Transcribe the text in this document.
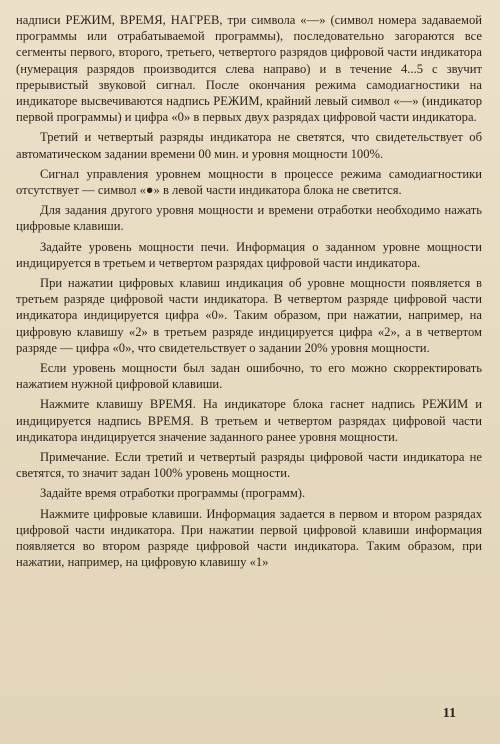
надписи РЕЖИМ, ВРЕМЯ, НАГРЕВ, три символа «—» (символ номера задаваемой программы или отрабатываемой программы), последовательно загораются все сегменты первого, второго, третьего, четвертого разрядов цифровой части индикатора (нумерация разрядов производится слева направо) и в течение 4...5 с звучит прерывистый звуковой сигнал. После окончания режима самодиагностики на индикаторе высвечиваются надпись РЕЖИМ, крайний левый символ «—» (индикатор первой программы) и цифра «0» в первых двух разрядах цифровой части индикатора.

Третий и четвертый разряды индикатора не светятся, что свидетельствует об автоматическом задании времени 00 мин. и уровня мощности 100%.

Сигнал управления уровнем мощности в процессе режима самодиагностики отсутствует — символ «●» в левой части индикатора блока не светится.

Для задания другого уровня мощности и времени отработки необходимо нажать цифровые клавиши.

Задайте уровень мощности печи. Информация о заданном уровне мощности индицируется в третьем и четвертом разрядах цифровой части индикатора.

При нажатии цифровых клавиш индикация об уровне мощности появляется в третьем разряде цифровой части индикатора. В четвертом разряде цифровой части индикатора индицируется цифра «0». Таким образом, при нажатии, например, на цифровую клавишу «2» в третьем разряде индицируется цифра «2», а в четвертом разряде — цифра «0», что свидетельствует о задании 20% уровня мощности.

Если уровень мощности был задан ошибочно, то его можно скорректировать нажатием нужной цифровой клавиши.

Нажмите клавишу ВРЕМЯ. На индикаторе блока гаснет надпись РЕЖИМ и индицируется надпись ВРЕМЯ. В третьем и четвертом разрядах цифровой части индикатора индицируется значение заданного ранее уровня мощности.

Примечание. Если третий и четвертый разряды цифровой части индикатора не светятся, то значит задан 100% уровень мощности.

Задайте время отработки программы (программ).

Нажмите цифровые клавиши. Информация задается в первом и втором разрядах цифровой части индикатора. При нажатии первой цифровой клавиши информация появляется во втором разряде цифровой части индикатора. Таким образом, при нажатии, например, на цифровую клавишу «1»

11
